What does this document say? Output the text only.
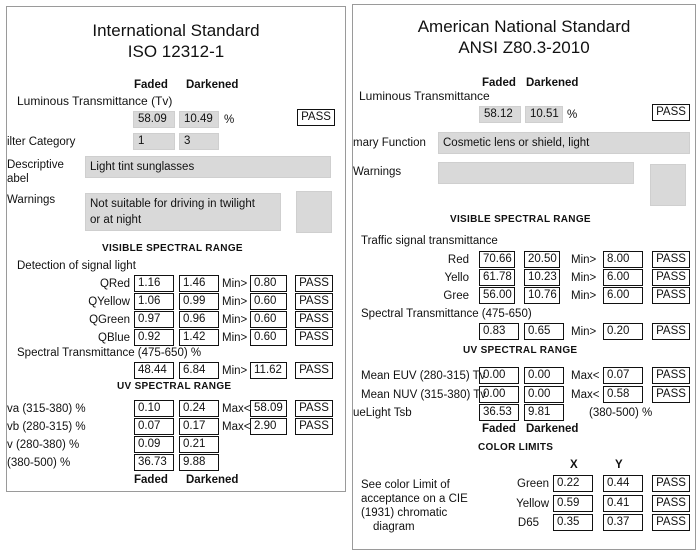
International Standard
ISO 12312-1
Faded Darkened
Luminous Transmittance (Tv)
58.09	10.49 %	PASS
ilter Category	1	3
Descriptive
abel
Light tint sunglasses
Warnings	Not suitable for driving in twilight
or at night
VISIBLE SPECTRAL RANGE
Detection of signal light
QRed 1.16	1.46	Min> 0.80	PASS
QYellow 1.06	0.99	Min> 0.60	PASS
QGreen 0.97	0.96	Min> 0.60	PASS
QBlue 0.92	1.42	Min> 0.60	PASS
Spectral Transmittance (475-650) %
48.44	6.84	Min> 11.62	PASS
UV SPECTRAL RANGE
va (315-380) %	0.10	0.24	Max< 58.09	PASS
vb (280-315) %	0.07	0.17	Max< 2.90	PASS
v (280-380) %	0.09	0.21
(380-500) %	36.73	9.88
Faded Darkened
American National Standard
ANSI Z80.3-2010
Faded Darkened
Luminous Transmittance
58.12	10.51 %	PASS
mary Function	Cosmetic lens or shield, light
Warnings
VISIBLE SPECTRAL RANGE
Traffic signal transmittance
Red	70.66	20.50 Min> 8.00	PASS
Yello	61.78	10.23 Min> 6.00	PASS
Gree	56.00	10.76 Min> 6.00	PASS
Spectral Transmittance (475-650)
0.83	0.65	Min> 0.20	PASS
UV SPECTRAL RANGE
Mean EUV (280-315) Tv
0.00	0.00	Max< 0.07	PASS
Mean NUV (315-380) Tv
0.00	0.00	Max< 0.58	PASS
ueLight Tsb	36.53	9.81	(380-500) %
Faded Darkened
COLOR LIMITS
X	Y
See color Limit of
acceptance on a CIE
(1931) chromatic
diagram
Green 0.22	0.44	PASS
Yellow 0.59	0.41	PASS
D65	0.35	0.37	PASS
